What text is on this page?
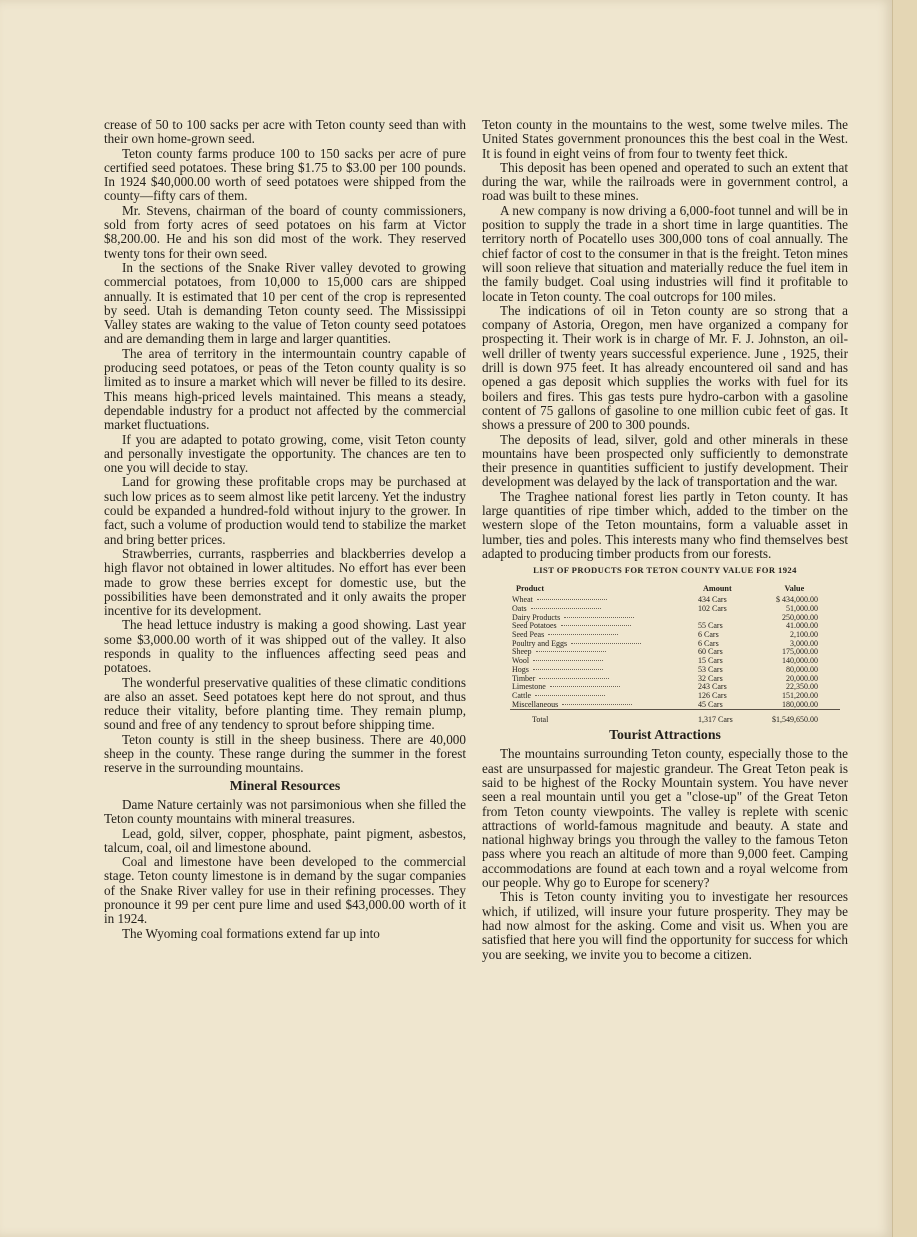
crease of 50 to 100 sacks per acre with Teton county seed than with their own home-grown seed.

Teton county farms produce 100 to 150 sacks per acre of pure certified seed potatoes. These bring $1.75 to $3.00 per 100 pounds. In 1924 $40,000.00 worth of seed potatoes were shipped from the county—fifty cars of them.

Mr. Stevens, chairman of the board of county commissioners, sold from forty acres of seed potatoes on his farm at Victor $8,200.00. He and his son did most of the work. They reserved twenty tons for their own seed.

In the sections of the Snake River valley devoted to growing commercial potatoes, from 10,000 to 15,000 cars are shipped annually. It is estimated that 10 per cent of the crop is represented by seed. Utah is demanding Teton county seed. The Mississippi Valley states are waking to the value of Teton county seed potatoes and are demanding them in large and larger quantities.

The area of territory in the intermountain country capable of producing seed potatoes, or peas of the Teton county quality is so limited as to insure a market which will never be filled to its desire. This means high-priced levels maintained. This means a steady, dependable industry for a product not affected by the commercial market fluctuations.

If you are adapted to potato growing, come, visit Teton county and personally investigate the opportunity. The chances are ten to one you will decide to stay.

Land for growing these profitable crops may be purchased at such low prices as to seem almost like petit larceny. Yet the industry could be expanded a hundred-fold without injury to the grower. In fact, such a volume of production would tend to stabilize the market and bring better prices.

Strawberries, currants, raspberries and blackberries develop a high flavor not obtained in lower altitudes. No effort has ever been made to grow these berries except for domestic use, but the possibilities have been demonstrated and it only awaits the proper incentive for its development.

The head lettuce industry is making a good showing. Last year some $3,000.00 worth of it was shipped out of the valley. It also responds in quality to the influences affecting seed peas and potatoes.

The wonderful preservative qualities of these climatic conditions are also an asset. Seed potatoes kept here do not sprout, and thus reduce their vitality, before planting time. They remain plump, sound and free of any tendency to sprout before shipping time.

Teton county is still in the sheep business. There are 40,000 sheep in the county. These range during the summer in the forest reserve in the surrounding mountains.

Mineral Resources

Dame Nature certainly was not parsimonious when she filled the Teton county mountains with mineral treasures.

Lead, gold, silver, copper, phosphate, paint pigment, asbestos, talcum, coal, oil and limestone abound.

Coal and limestone have been developed to the commercial stage. Teton county limestone is in demand by the sugar companies of the Snake River valley for use in their refining processes. They pronounce it 99 per cent pure lime and used $43,000.00 worth of it in 1924.

The Wyoming coal formations extend far up into

Teton county in the mountains to the west, some twelve miles. The United States government pronounces this the best coal in the West. It is found in eight veins of from four to twenty feet thick.

This deposit has been opened and operated to such an extent that during the war, while the railroads were in government control, a road was built to these mines.

A new company is now driving a 6,000-foot tunnel and will be in position to supply the trade in a short time in large quantities. The territory north of Pocatello uses 300,000 tons of coal annually. The chief factor of cost to the consumer in that is the freight. Teton mines will soon relieve that situation and materially reduce the fuel item in the family budget. Coal using industries will find it profitable to locate in Teton county. The coal outcrops for 100 miles.

The indications of oil in Teton county are so strong that a company of Astoria, Oregon, men have organized a company for prospecting it. Their work is in charge of Mr. F. J. Johnston, an oil-well driller of twenty years successful experience. June , 1925, their drill is down 975 feet. It has already encountered oil sand and has opened a gas deposit which supplies the works with fuel for its boilers and fires. This gas tests pure hydro-carbon with a gasoline content of 75 gallons of gasoline to one million cubic feet of gas. It shows a pressure of 200 to 300 pounds.

The deposits of lead, silver, gold and other minerals in these mountains have been prospected only sufficiently to demonstrate their presence in quantities sufficient to justify development. Their development was delayed by the lack of transportation and the war.

The Traghee national forest lies partly in Teton county. It has large quantities of ripe timber which, added to the timber on the western slope of the Teton mountains, form a valuable asset in lumber, ties and poles. This interests many who find themselves best adapted to producing timber products from our forests.

LIST OF PRODUCTS FOR TETON COUNTY VALUE FOR 1924
Product	Amount	Value
Wheat	434 Cars	$ 434,000.00
Oats	102 Cars	51,000.00
Dairy Products		250,000.00
Seed Potatoes	55 Cars	41.000.00
Seed Peas	6 Cars	2,100.00
Poultry and Eggs	6 Cars	3,000.00
Sheep	60 Cars	175,000.00
Wool	15 Cars	140,000.00
Hogs	53 Cars	80,000.00
Timber	32 Cars	20,000.00
Limestone	243 Cars	22,350.00
Cattle	126 Cars	151,200.00
Miscellaneous	45 Cars	180,000.00
Total	1,317 Cars	$1,549,650.00
Tourist Attractions

The mountains surrounding Teton county, especially those to the east are unsurpassed for majestic grandeur. The Great Teton peak is said to be highest of the Rocky Mountain system. You have never seen a real mountain until you get a "close-up" of the Great Teton from Teton county viewpoints. The valley is replete with scenic attractions of world-famous magnitude and beauty. A state and national highway brings you through the valley to the famous Teton pass where you reach an altitude of more than 9,000 feet. Camping accommodations are found at each town and a royal welcome from our people. Why go to Europe for scenery?

This is Teton county inviting you to investigate her resources which, if utilized, will insure your future prosperity. They may be had now almost for the asking. Come and visit us. When you are satisfied that here you will find the opportunity for success for which you are seeking, we invite you to become a citizen.
